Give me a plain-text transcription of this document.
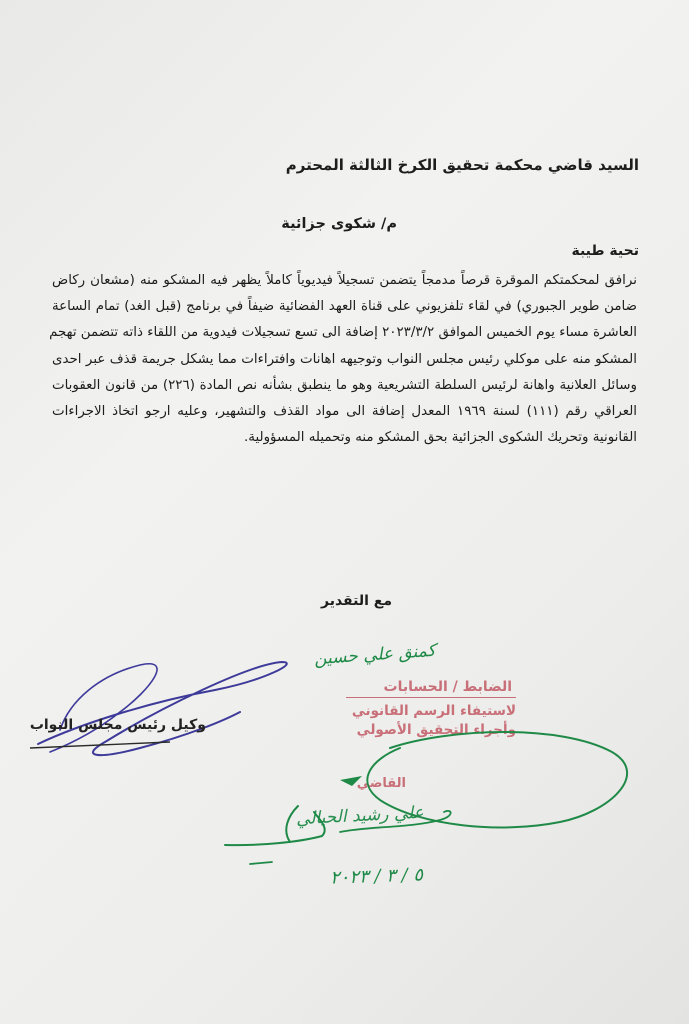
السيد قاضي محكمة تحقيق الكرخ الثالثة المحترم
م/ شكوى جزائية
تحية طيبة
نرافق لمحكمتكم الموقرة قرصاً مدمجاً يتضمن تسجيلاً فيديوياً كاملاً يظهر فيه المشكو منه (مشعان ركاض
ضامن طوير الجبوري) في لقاء تلفزيوني على قناة العهد الفضائية ضيفاً في برنامج (قبل الغد) تمام الساعة
العاشرة مساء يوم الخميس الموافق ٢٠٢٣/٣/٢ إضافة الى تسع تسجيلات فيدوية من اللقاء ذاته تتضمن تهجم
المشكو منه على موكلي رئيس مجلس النواب وتوجيهه اهانات وافتراءات مما يشكل جريمة قذف عبر احدى
وسائل العلانية واهانة لرئيس السلطة التشريعية وهو ما ينطبق بشأنه نص المادة (٢٢٦) من قانون العقوبات
العراقي رقم (١١١) لسنة ١٩٦٩ المعدل إضافة الى مواد القذف والتشهير، وعليه ارجو اتخاذ الاجراءات
القانونية وتحريك الشكوى الجزائية بحق المشكو منه وتحميله المسؤولية.
مع التقدير
وكيل رئيس مجلس النواب
الضابط / الحسابات
لاستيفاء الرسم القانوني
وأجراء التحقيق الأصولي
القاضي
كمنق علي حسين
علي رشيد الحيالي
٥ / ٣ / ٢٠٢٣
